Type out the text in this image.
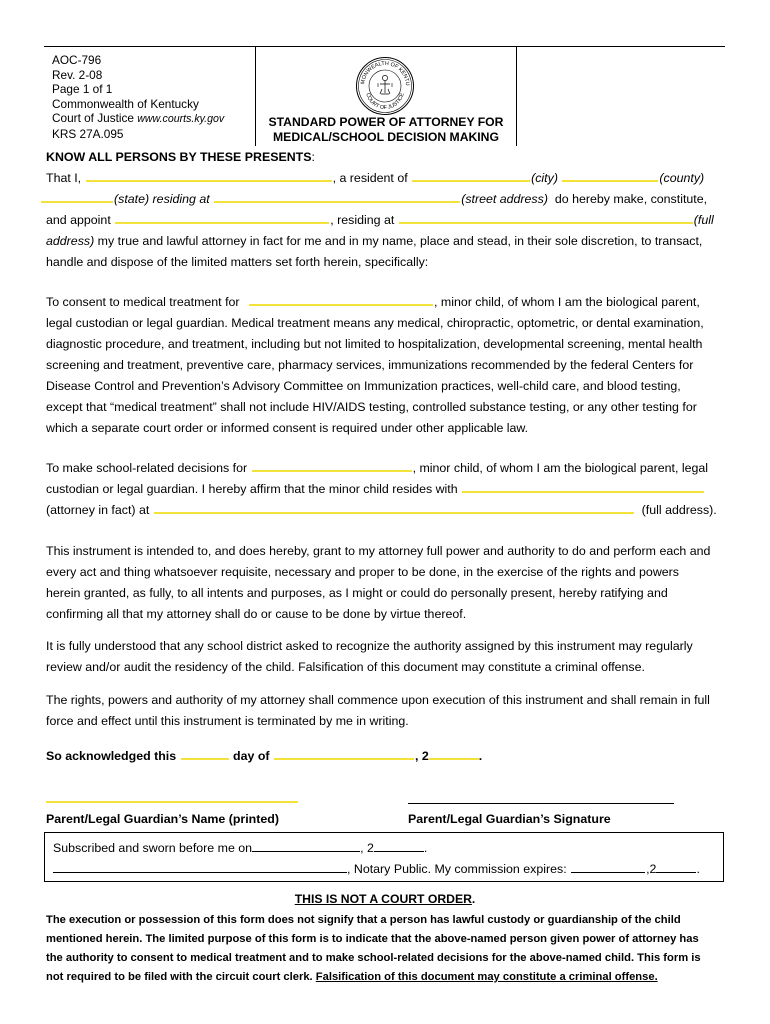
AOC-796
Rev. 2-08
Page 1 of 1
Commonwealth of Kentucky
Court of Justice www.courts.ky.gov
KRS 27A.095
MONWEALTH OF KENTU
COURT OF JUSTICE
STANDARD POWER OF ATTORNEY FOR
MEDICAL/SCHOOL DECISION MAKING
KNOW ALL PERSONS BY THESE PRESENTS:
That I,	, a resident of	(city)	(county)
(state) residing at	(street address) do hereby make, constitute,
and appoint	, residing at	(full
address) my true and lawful attorney in fact for me and in my name, place and stead, in their sole discretion, to transact,
handle and dispose of the limited matters set forth herein, specifically:
To consent to medical treatment for	, minor child, of whom I am the biological parent,
legal custodian or legal guardian. Medical treatment means any medical, chiropractic, optometric, or dental examination,
diagnostic procedure, and treatment, including but not limited to hospitalization, developmental screening, mental health
screening and treatment, preventive care, pharmacy services, immunizations recommended by the federal Centers for
Disease Control and Prevention’s Advisory Committee on Immunization practices, well-child care, and blood testing,
except that “medical treatment” shall not include HIV/AIDS testing, controlled substance testing, or any other testing for
which a separate court order or informed consent is required under other applicable law.
To make school-related decisions for	, minor child, of whom I am the biological parent, legal
custodian or legal guardian. I hereby affirm that the minor child resides with
(attorney in fact) at	(full address).
This instrument is intended to, and does hereby, grant to my attorney full power and authority to do and perform each and
every act and thing whatsoever requisite, necessary and proper to be done, in the exercise of the rights and powers
herein granted, as fully, to all intents and purposes, as I might or could do personally present, hereby ratifying and
confirming all that my attorney shall do or cause to be done by virtue thereof.
It is fully understood that any school district asked to recognize the authority assigned by this instrument may regularly
review and/or audit the residency of the child. Falsification of this document may constitute a criminal offense.
The rights, powers and authority of my attorney shall commence upon execution of this instrument and shall remain in full
force and effect until this instrument is terminated by me in writing.
So acknowledged this	day of	, 2	.
Parent/Legal Guardian’s Name (printed)	Parent/Legal Guardian’s Signature
Subscribed and sworn before me on	, 2	.
, Notary Public. My commission expires:	,2	.
THIS IS NOT A COURT ORDER.
The execution or possession of this form does not signify that a person has lawful custody or guardianship of the child
mentioned herein. The limited purpose of this form is to indicate that the above-named person given power of attorney has
the authority to consent to medical treatment and to make school-related decisions for the above-named child. This form is
not required to be filed with the circuit court clerk. Falsification of this document may constitute a criminal offense.
